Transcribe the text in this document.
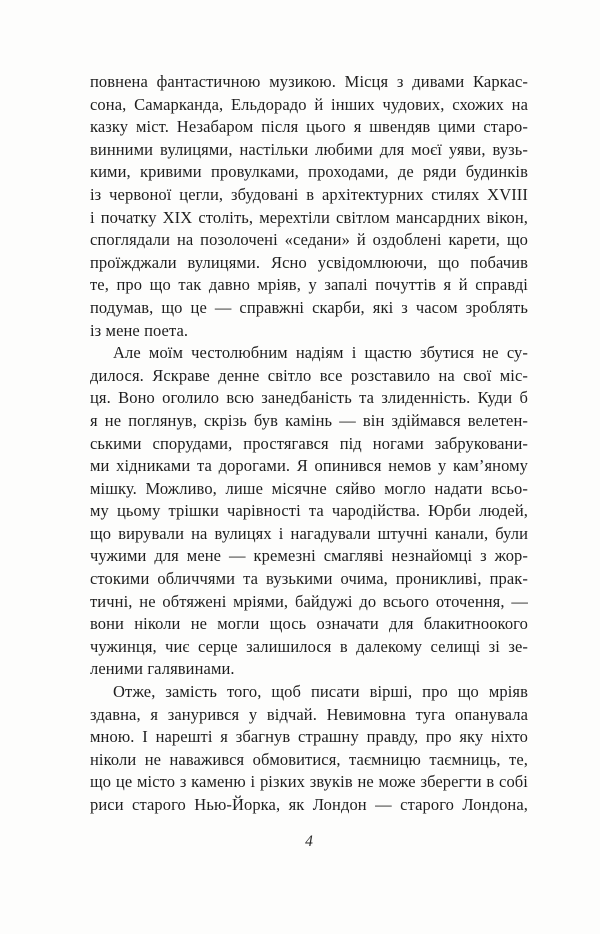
повнена фантастичною музикою. Місця з дивами Каркас-
сона, Самарканда, Ельдорадо й інших чудових, схожих на
казку міст. Незабаром після цього я швендяв цими старо-
винними вулицями, настільки любими для моєї уяви, вузь-
кими, кривими провулками, проходами, де ряди будинків
із червоної цегли, збудовані в архітектурних стилях XVIII
і початку XIX століть, мерехтіли світлом мансардних вікон,
споглядали на позолочені «седани» й оздоблені карети, що
проїжджали вулицями. Ясно усвідомлюючи, що побачив
те, про що так давно мріяв, у запалі почуттів я й справді
подумав, що це — справжні скарби, які з часом зроблять
із мене поета.
Але моїм честолюбним надіям і щастю збутися не су-
дилося. Яскраве денне світло все розставило на свої міс-
ця. Воно оголило всю занедбаність та злиденність. Куди б
я не поглянув, скрізь був камінь — він здіймався велетен-
ськими спорудами, простягався під ногами забруковани-
ми хідниками та дорогами. Я опинився немов у кам’яному
мішку. Можливо, лише місячне сяйво могло надати всьо-
му цьому трішки чарівності та чародійства. Юрби людей,
що вирували на вулицях і нагадували штучні канали, були
чужими для мене — кремезні смагляві незнайомці з жор-
стокими обличчями та вузькими очима, проникливі, прак-
тичні, не обтяжені мріями, байдужі до всього оточення, —
вони ніколи не могли щось означати для блакитноокого
чужинця, чиє серце залишилося в далекому селищі зі зе-
леними галявинами.
Отже, замість того, щоб писати вірші, про що мріяв
здавна, я занурився у відчай. Невимовна туга опанувала
мною. І нарешті я збагнув страшну правду, про яку ніхто
ніколи не наважився обмовитися, таємницю таємниць, те,
що це місто з каменю і різких звуків не може зберегти в собі
риси старого Нью-Йорка, як Лондон — старого Лондона,
4
